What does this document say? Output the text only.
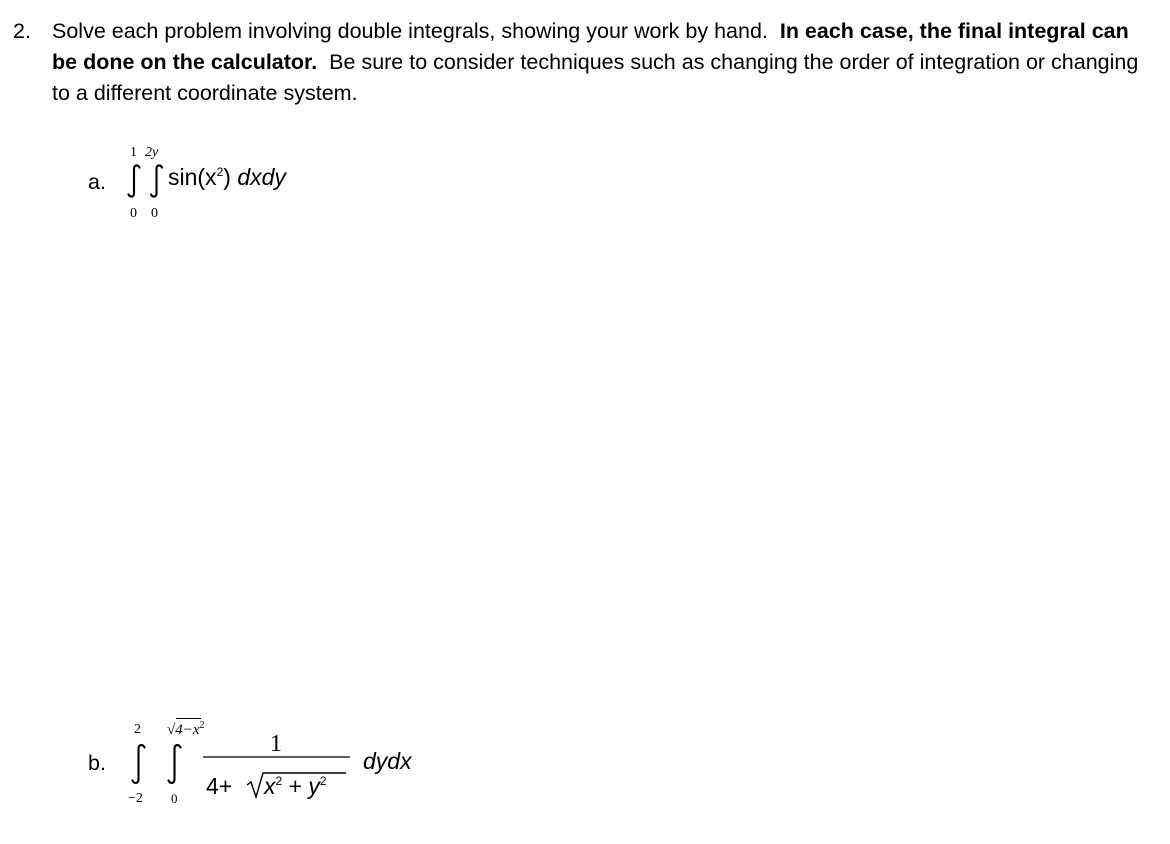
2. Solve each problem involving double integrals, showing your work by hand. In each case, the final integral can be done on the calculator. Be sure to consider techniques such as changing the order of integration or changing to a different coordinate system.
a.
1 2y
0 0
$\sin(x^2)$ dxdy
b.
2 $√4-x^2$
−2 0
1
$4+ x^2 + y^2$
dydx
